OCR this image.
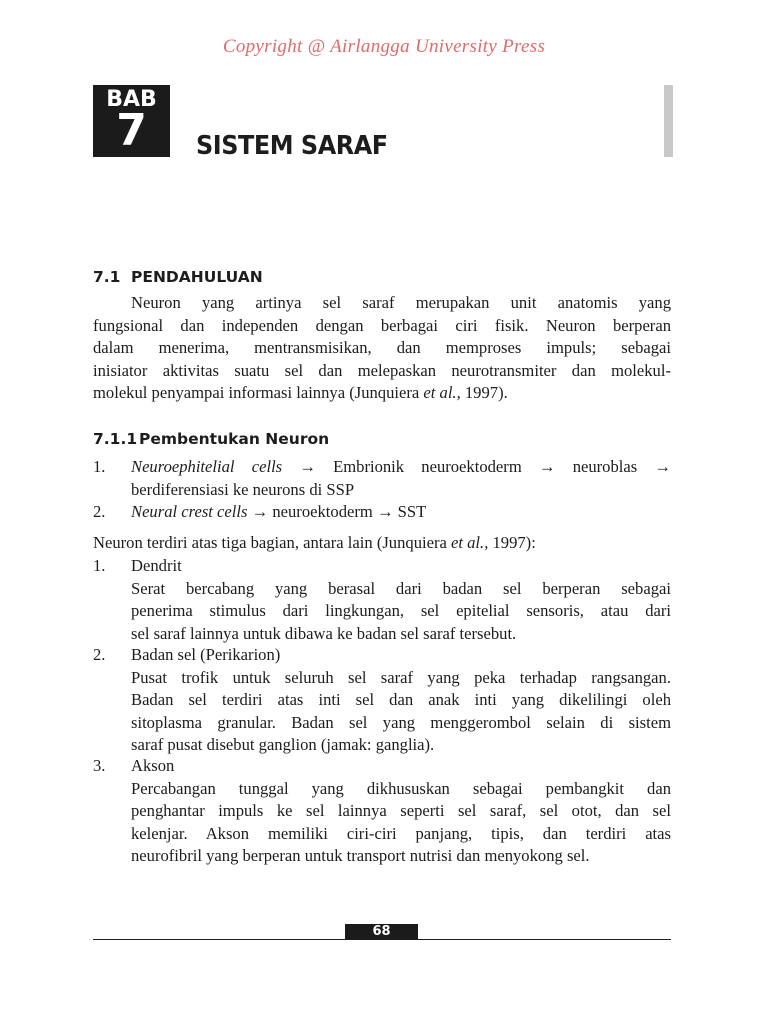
Copyright @ Airlangga University Press
BAB
7	SISTEM SARAF
7.1 PENDAHULUAN
Neuron yang artinya sel saraf merupakan unit anatomis yang
fungsional dan independen dengan berbagai ciri fisik. Neuron berperan
dalam menerima, mentransmisikan, dan memproses impuls; sebagai
inisiator aktivitas suatu sel dan melepaskan neurotransmiter dan molekul-
molekul penyampai informasi lainnya (Junquiera et al., 1997).
7.1.1 Pembentukan Neuron
1. Neuroephitelial cells → Embrionik neuroektoderm → neuroblas →
berdiferensiasi ke neurons di SSP
2. Neural crest cells → neuroektoderm → SST
Neuron terdiri atas tiga bagian, antara lain (Junquiera et al., 1997):
1. Dendrit
Serat bercabang yang berasal dari badan sel berperan sebagai
penerima stimulus dari lingkungan, sel epitelial sensoris, atau dari
sel saraf lainnya untuk dibawa ke badan sel saraf tersebut.
2. Badan sel (Perikarion)
Pusat trofik untuk seluruh sel saraf yang peka terhadap rangsangan.
Badan sel terdiri atas inti sel dan anak inti yang dikelilingi oleh
sitoplasma granular. Badan sel yang menggerombol selain di sistem
saraf pusat disebut ganglion (jamak: ganglia).
3. Akson
Percabangan tunggal yang dikhususkan sebagai pembangkit dan
penghantar impuls ke sel lainnya seperti sel saraf, sel otot, dan sel
kelenjar. Akson memiliki ciri-ciri panjang, tipis, dan terdiri atas
neurofibril yang berperan untuk transport nutrisi dan menyokong sel.
68
